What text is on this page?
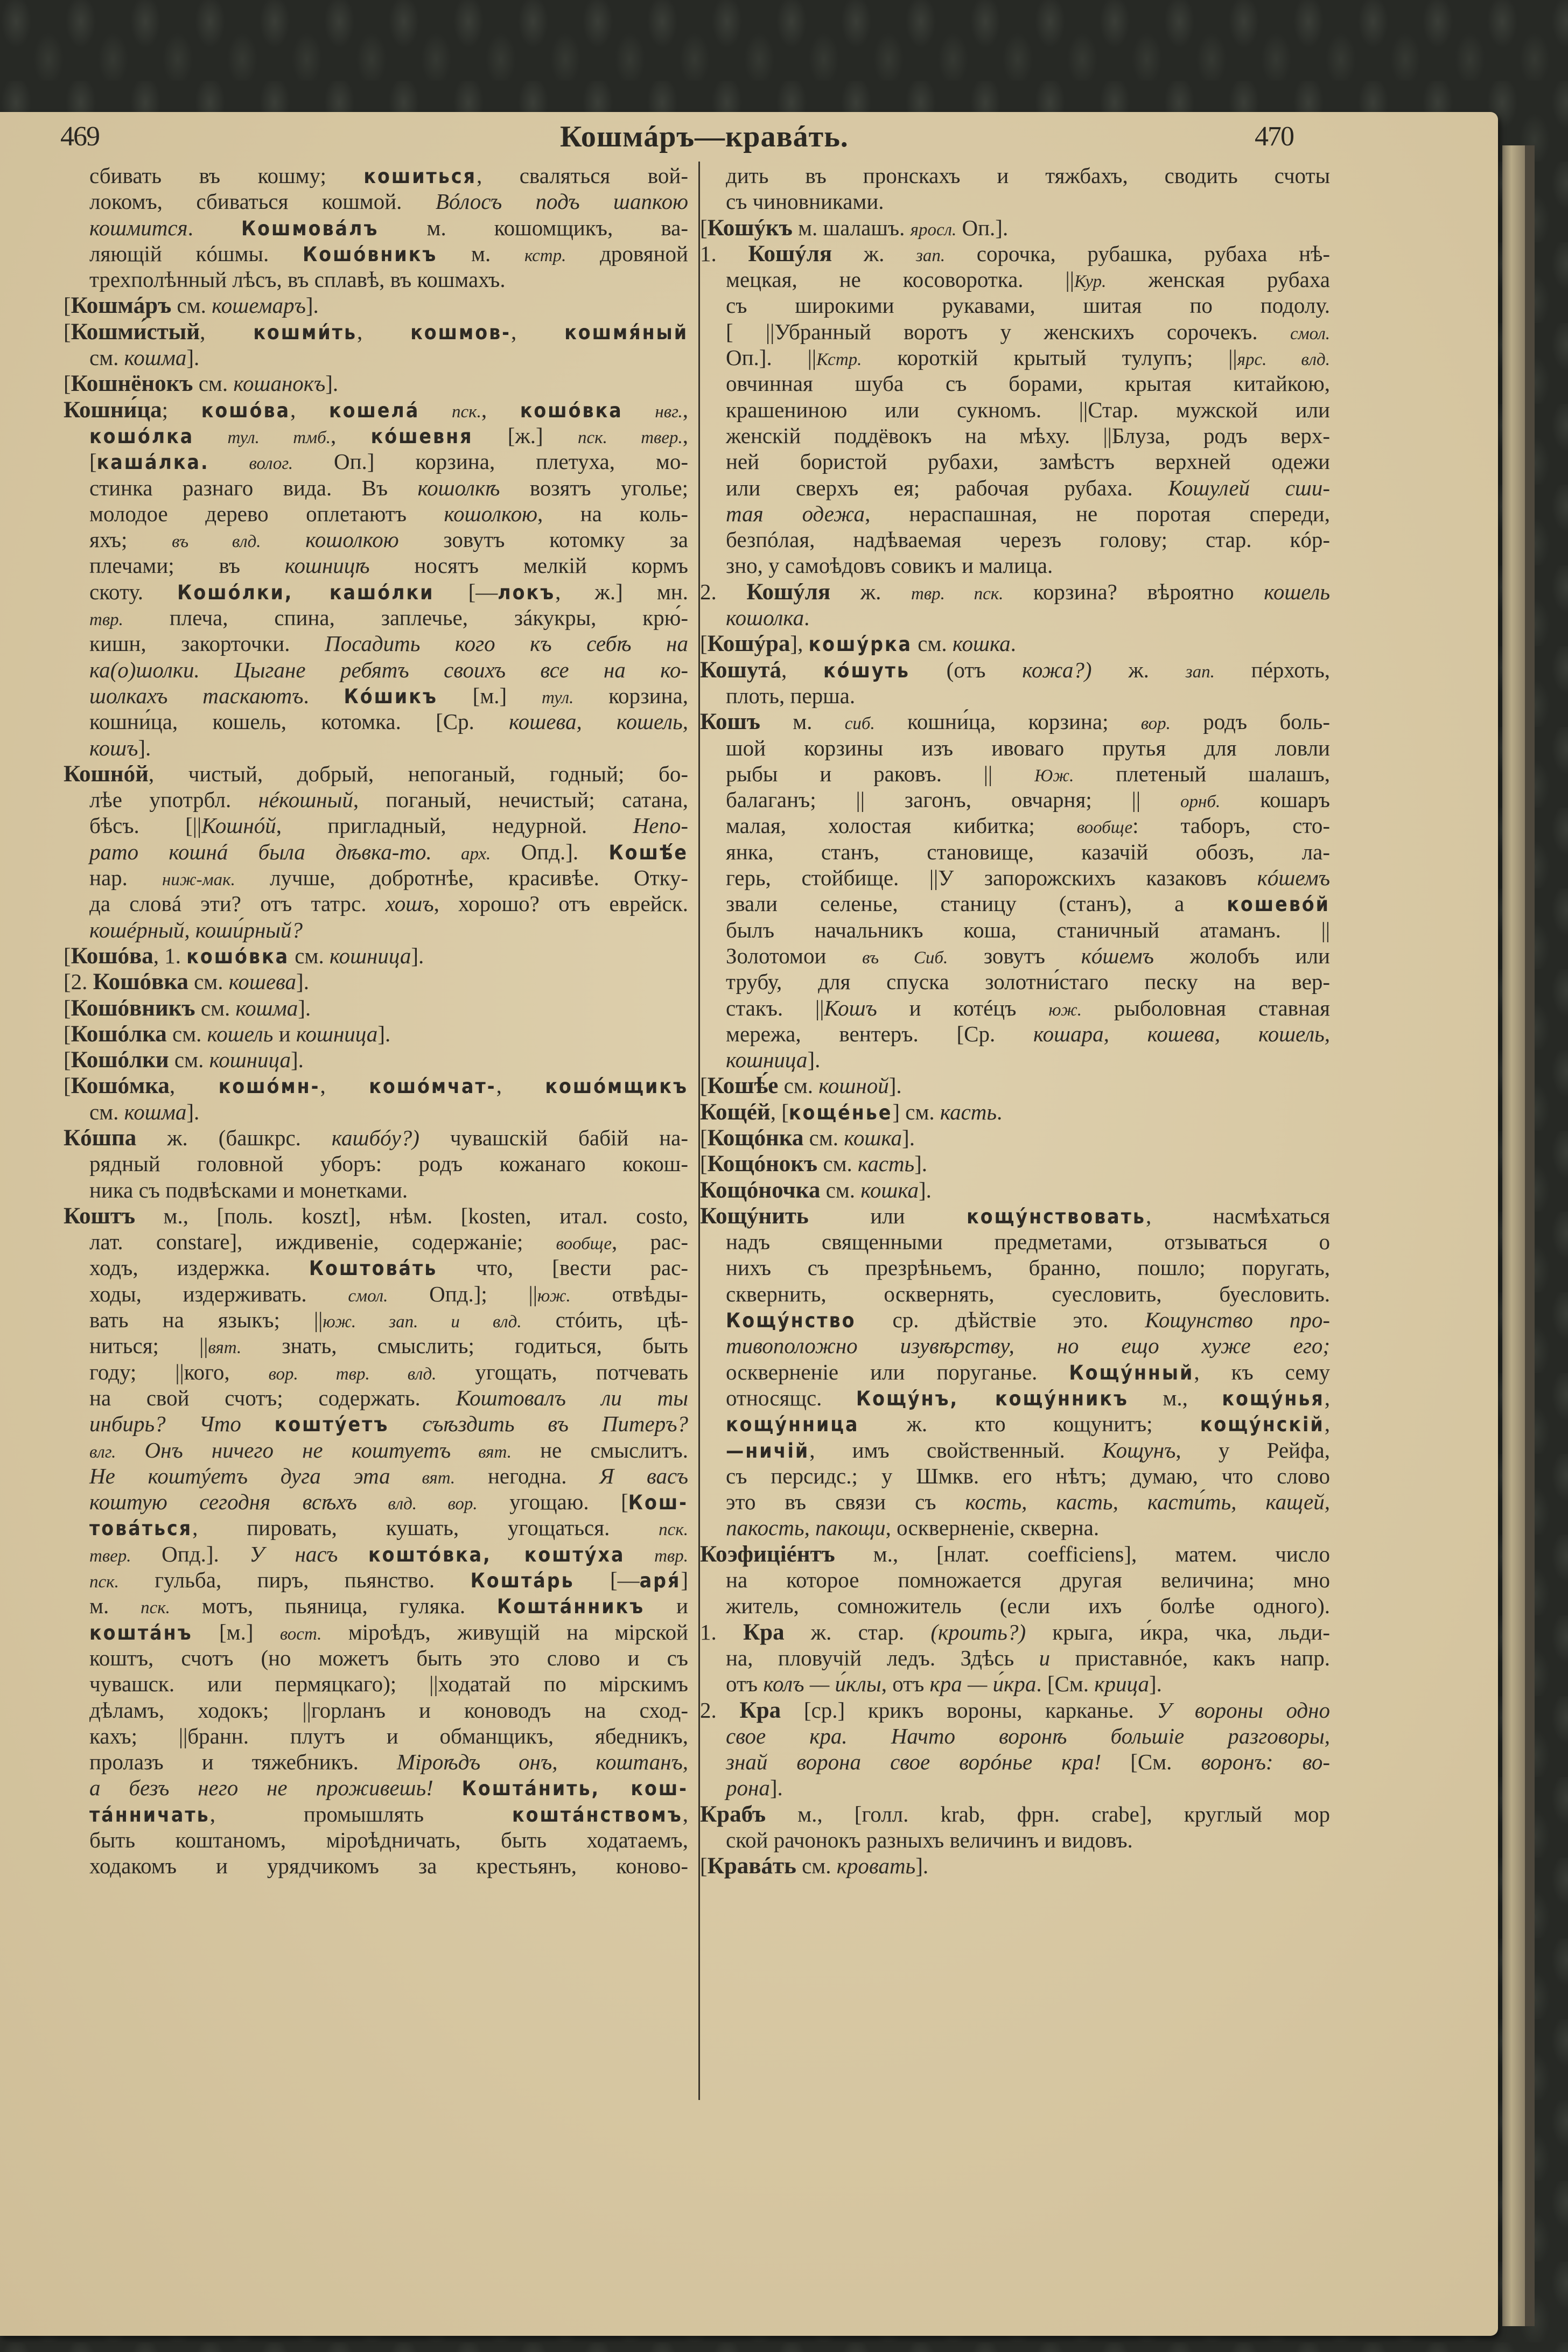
469	Кошмáръ—кравáть.	470
сбивать въ кошму; кошиться, сваляться вой-
локомъ, сбиваться кошмой. Вóлосъ подъ шапкою
кошмится. Кошмовáлъ м. кошомщикъ, ва-
ляющій кóшмы. Кошóвникъ м. кстр. дровяной
трехполѣнный лѣсъ, въ сплавѣ, въ кошмахъ.
[Кошмáръ см. кошемаръ].
[Кошми́стый, кошми́ть, кошмов-, кошмя́ный
см. кошма].
[Кошнёнокъ см. кошанокъ].
Кошни́ца; кошóва, кошелá пск., кошóвка нвг.,
кошóлка тул. тмб., кóшевня [ж.] пск. твер.,
[кашáлка. волог. Оп.] корзина, плетуха, мо-
стинка разнаго вида. Въ кошолкѣ возятъ уголье;
молодое дерево оплетаютъ кошолкою, на коль-
яхъ; въ влд. кошолкою зовутъ котомку за
плечами; въ кошницѣ носятъ мелкій кормъ
скоту. Кошóлки, кашóлки [—локъ, ж.] мн.
твр. плеча, спина, заплечье, зáкукры, крю́-
кишн, закорточки. Посадить кого къ себѣ на
ка(о)шолки. Цыгане ребятъ своихъ все на ко-
шолкахъ таскаютъ. Кóшикъ [м.] тул. корзина,
кошни́ца, кошель, котомка. [Ср. кошева, кошель,
кошъ].
Кошнóй, чистый, добрый, непоганый, годный; бо-
лѣе употрбл. нéкошный, поганый, нечистый; сатана,
бѣсъ. [||Кошнóй, пригладный, недурной. Непо-
рато кошнá была дѣвка-то. арх. Опд.]. Кошѣ́е
нар. ниж-мак. лучше, добротнѣе, красивѣе. Отку-
да словá эти? отъ татрс. хошъ, хорошо? отъ еврейск.
кошéрный, коши́рный?
[Кошóва, 1. кошóвка см. кошница].
[2. Кошóвка см. кошева].
[Кошóвникъ см. кошма].
[Кошóлка см. кошель и кошница].
[Кошóлки см. кошница].
[Кошóмка, кошóмн-, кошóмчат-, кошóмщикъ
см. кошма].
Кóшпа ж. (башкрс. кашбóу?) чувашскій бабій на-
рядный головной уборъ: родъ кожанаго кокош-
ника съ подвѣсками и монетками.
Коштъ м., [поль. koszt], нѣм. [kosten, итал. costo,
лат. constare], иждивеніе, содержаніе; вообще, рас-
ходъ, издержка. Коштовáть что, [вести рас-
ходы, издерживать. смол. Опд.]; ||юж. отвѣды-
вать на языкъ; ||юж. зап. и влд. стóить, цѣ-
ниться; ||вят. знать, смыслить; годиться, быть
году; ||кого, вор. твр. влд. угощать, потчевать
на свой счотъ; содержать. Коштовалъ ли ты
инбирь? Что коштýетъ съѣздить въ Питеръ?
влг. Онъ ничего не коштуетъ вят. не смыслитъ.
Не коштýетъ дуга эта вят. негодна. Я васъ
коштую сегодня всѣхъ влд. вор. угощаю. [Кош-
товáться, пировать, кушать, угощаться. пск.
твер. Опд.]. У насъ коштóвка, коштýха твр.
пск. гульба, пиръ, пьянство. Коштáрь [—аря́]
м. пск. мотъ, пьяница, гуляка. Коштáнникъ и
коштáнъ [м.] вост. міроѣдъ, живущій на мірской
коштъ, счотъ (но можетъ быть это слово и съ
чувашск. или пермяцкаго); ||ходатай по мірскимъ
дѣламъ, ходокъ; ||горланъ и коноводъ на сход-
кахъ; ||бранн. плутъ и обманщикъ, ябедникъ,
пролазъ и тяжебникъ. Міроѣдъ онъ, коштанъ,
а безъ него не проживешь! Коштáнить, кош-
тáнничать, промышлять коштáнствомъ,
быть коштаномъ, міроѣдничать, быть ходатаемъ,
ходакомъ и урядчикомъ за крестьянъ, коново-
дить въ пронскахъ и тяжбахъ, сводить счоты
съ чиновниками.
[Кошýкъ м. шалашъ. яросл. Оп.].
1. Кошýля ж. зап. сорочка, рубашка, рубаха нѣ-
мецкая, не косоворотка. ||Кур. женская рубаха
съ широкими рукавами, шитая по подолу.
[ ||Убранный воротъ у женскихъ сорочекъ. смол.
Оп.]. ||Кстр. короткій крытый тулупъ; ||ярс. влд.
овчинная шуба съ борами, крытая китайкою,
крашениною или сукномъ. ||Стар. мужской или
женскій поддёвокъ на мѣху. ||Блуза, родъ верх-
ней бористой рубахи, замѣстъ верхней одежи
или сверхъ ея; рабочая рубаха. Кошулей сши-
тая одежа, нераспашная, не поротая спереди,
безпóлая, надѣваемая черезъ голову; стар. кóр-
зно, у самоѣдовъ совикъ и малица.
2. Кошýля ж. твр. пск. корзина? вѣроятно кошель
кошолка.
[Кошýра], кошýрка см. кошка.
Кошутá, кóшуть (отъ кожа?) ж. зап. пéрхоть,
плоть, перша.
Кошъ м. сиб. кошни́ца, корзина; вор. родъ боль-
шой корзины изъ ивоваго прутья для ловли
рыбы и раковъ. || Юж. плетеный шалашъ,
балаганъ; || загонъ, овчарня; || орнб. кошаръ
малая, холостая кибитка; вообще: таборъ, сто-
янка, станъ, становище, казачій обозъ, ла-
герь, стойбище. ||У запорожскихъ казаковъ кóшемъ
звали селенье, станицу (станъ), а кошевóй
былъ начальникъ коша, станичный атаманъ. ||
Золотомои въ Сиб. зовутъ кóшемъ жолобъ или
трубу, для спуска золотни́стаго песку на вер-
стакъ. ||Кошъ и котéцъ юж. рыболовная ставная
мережа, вентеръ. [Ср. кошара, кошева, кошель,
кошница].
[Кошѣ́е см. кошной].
Кощéй, [кощéнье] см. касть.
[Кощóнка см. кошка].
[Кощóнокъ см. касть].
Кощóночка см. кошка].
Кощýнить или кощýнствовать, насмѣхаться
надъ священными предметами, отзываться о
нихъ съ презрѣньемъ, бранно, пошло; поругать,
сквернить, осквернять, суесловить, буесловить.
Кощýнство ср. дѣйствіе это. Кощунство про-
тивоположно изувѣрству, но ещо хуже его;
оскверненіе или поруганье. Кощýнный, къ сему
относящс. Кощýнъ, кощýнникъ м., кощýнья,
кощýнница ж. кто кощунитъ; кощýнскій,
—ничій, имъ свойственный. Кощунъ, у Рейфа,
съ персидс.; у Шмкв. его нѣтъ; думаю, что слово
это въ связи съ кость, касть, касти́ть, кащей,
пакость, пакощи, оскверненіе, скверна.
Коэфиціéнтъ м., [нлат. coefficiens], матем. число
на которое помножается другая величина; мно
житель, сомножитель (если ихъ болѣе одного).
1. Кра ж. стар. (кроить?) крыга, и́кра, чка, льди-
на, пловучій ледъ. Здѣсь и приставнóе, какъ напр.
отъ колъ — и́клы, отъ кра — и́кра. [См. крица].
2. Кра [ср.] крикъ вороны, карканье. У вороны одно
свое кра. Начто воронѣ большіе разговоры,
знай ворона свое ворóнье кра! [См. воронъ: во-
рона].
Крабъ м., [голл. krab, фрн. crabe], круглый мор
ской рачонокъ разныхъ величинъ и видовъ.
[Кравáть см. кровать].
